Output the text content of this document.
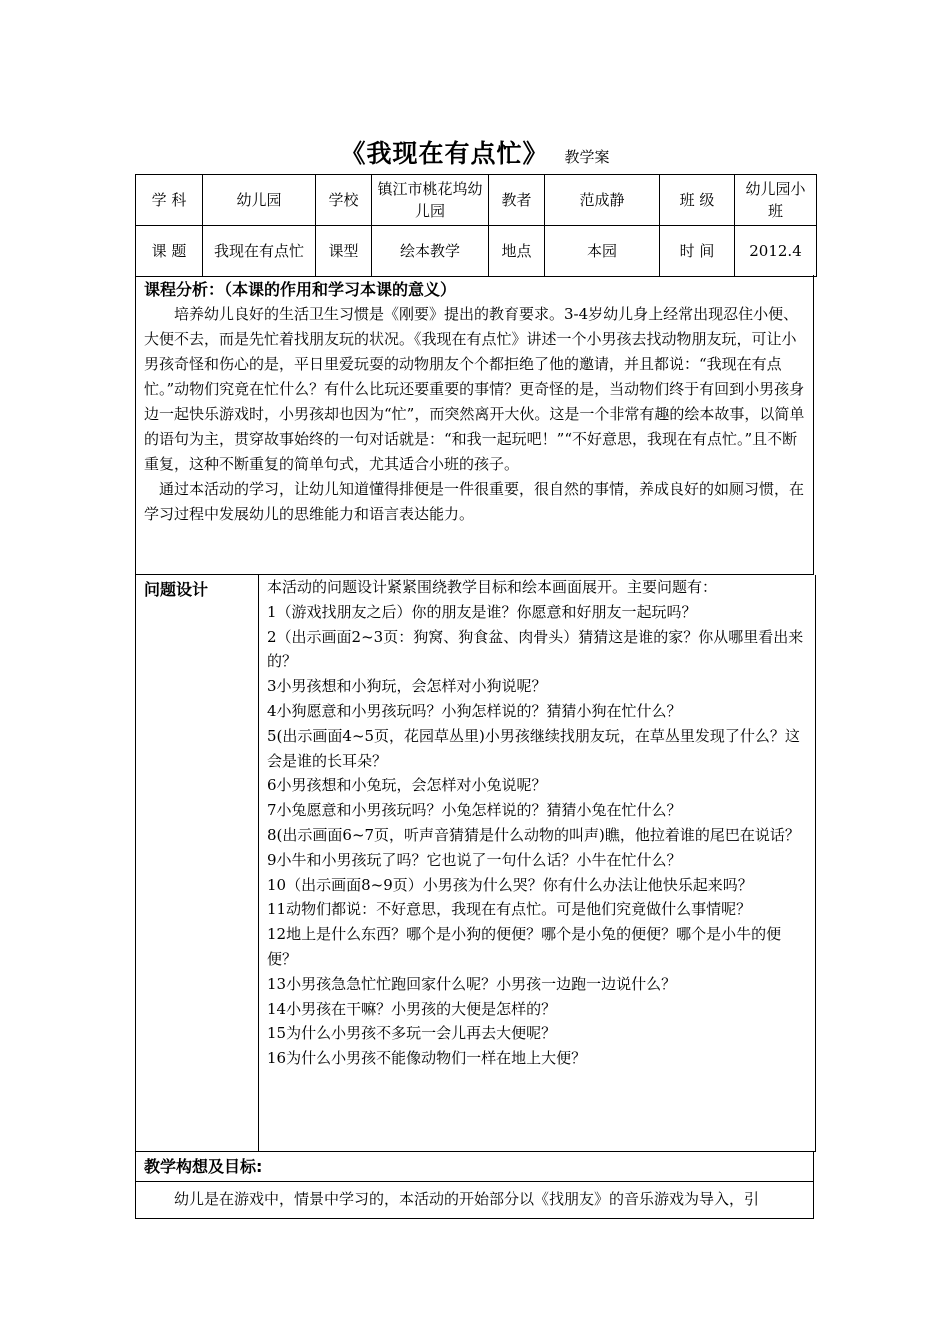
《我现在有点忙》 教学案
学 科	幼儿园	学校	镇江市桃花坞幼儿园	教者	范成静	班 级	幼儿园小班
课 题	我现在有点忙	课型	绘本教学	地点	本园	时 间	2012.4
课程分析：（本课的作用和学习本课的意义）

培养幼儿良好的生活卫生习惯是《刚要》提出的教育要求。3-4岁幼儿身上经常出现忍住小便、大便不去，而是先忙着找朋友玩的状况。《我现在有点忙》讲述一个小男孩去找动物朋友玩，可让小男孩奇怪和伤心的是，平日里爱玩耍的动物朋友个个都拒绝了他的邀请，并且都说：“我现在有点忙。”动物们究竟在忙什么？有什么比玩还要重要的事情？更奇怪的是，当动物们终于有回到小男孩身边一起快乐游戏时，小男孩却也因为“忙”，而突然离开大伙。这是一个非常有趣的绘本故事，以简单的语句为主，贯穿故事始终的一句对话就是：“和我一起玩吧！”“不好意思，我现在有点忙。”且不断重复，这种不断重复的简单句式，尤其适合小班的孩子。

通过本活动的学习，让幼儿知道懂得排便是一件很重要，很自然的事情，养成良好的如厕习惯，在学习过程中发展幼儿的思维能力和语言表达能力。

问题设计	本活动的问题设计紧紧围绕教学目标和绘本画面展开。主要问题有：

1（游戏找朋友之后）你的朋友是谁？你愿意和好朋友一起玩吗？

2（出示画面2~3页：狗窝、狗食盆、肉骨头）猜猜这是谁的家？你从哪里看出来的？

3小男孩想和小狗玩，会怎样对小狗说呢？

4小狗愿意和小男孩玩吗？小狗怎样说的？猜猜小狗在忙什么？

5(出示画面4~5页，花园草丛里)小男孩继续找朋友玩，在草丛里发现了什么？这会是谁的长耳朵？

6小男孩想和小兔玩，会怎样对小兔说呢？

7小兔愿意和小男孩玩吗？小兔怎样说的？猜猜小兔在忙什么？

8(出示画面6~7页，听声音猜猜是什么动物的叫声)瞧，他拉着谁的尾巴在说话？

9小牛和小男孩玩了吗？它也说了一句什么话？小牛在忙什么？

10（出示画面8~9页）小男孩为什么哭？你有什么办法让他快乐起来吗？

11动物们都说：不好意思，我现在有点忙。可是他们究竟做什么事情呢？

12地上是什么东西？哪个是小狗的便便？哪个是小兔的便便？哪个是小牛的便便？

13小男孩急急忙忙跑回家什么呢？小男孩一边跑一边说什么？

14小男孩在干嘛？小男孩的大便是怎样的？

15为什么小男孩不多玩一会儿再去大便呢？

16为什么小男孩不能像动物们一样在地上大便？

教学构想及目标:

幼儿是在游戏中，情景中学习的，本活动的开始部分以《找朋友》的音乐游戏为导入，引
